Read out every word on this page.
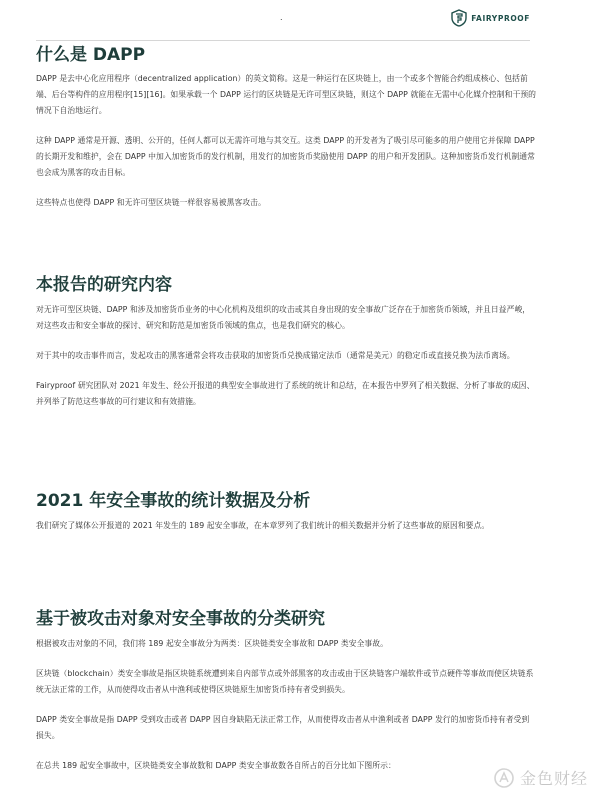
.	FAIRYPROOF
什么是 DAPP

DAPP 是去中心化应用程序（decentralized application）的英文简称。这是一种运行在区块链上，由一个或多个智能合约组成核心、包括前端、后台等构件的应用程序[15][16]。如果承载一个 DAPP 运行的区块链是无许可型区块链，则这个 DAPP 就能在无需中心化媒介控制和干预的情况下自治地运行。

这种 DAPP 通常是开源、透明、公开的，任何人都可以无需许可地与其交互。这类 DAPP 的开发者为了吸引尽可能多的用户使用它并保障 DAPP 的长期开发和维护，会在 DAPP 中加入加密货币的发行机制，用发行的加密货币奖励使用 DAPP 的用户和开发团队。这种加密货币发行机制通常也会成为黑客的攻击目标。

这些特点也使得 DAPP 和无许可型区块链一样很容易被黑客攻击。

本报告的研究内容

对无许可型区块链、DAPP 和涉及加密货币业务的中心化机构及组织的攻击或其自身出现的安全事故广泛存在于加密货币领域，并且日益严峻，对这些攻击和安全事故的探讨、研究和防范是加密货币领域的焦点，也是我们研究的核心。

对于其中的攻击事件而言，发起攻击的黑客通常会将攻击获取的加密货币兑换成锚定法币（通常是美元）的稳定币或直接兑换为法币离场。

Fairyproof 研究团队对 2021 年发生、经公开报道的典型安全事故进行了系统的统计和总结，在本报告中罗列了相关数据、分析了事故的成因、并列举了防范这些事故的可行建议和有效措施。

2021 年安全事故的统计数据及分析

我们研究了媒体公开报道的 2021 年发生的 189 起安全事故，在本章罗列了我们统计的相关数据并分析了这些事故的原因和要点。

基于被攻击对象对安全事故的分类研究

根据被攻击对象的不同，我们将 189 起安全事故分为两类：区块链类安全事故和 DAPP 类安全事故。

区块链（blockchain）类安全事故是指区块链系统遭到来自内部节点或外部黑客的攻击或由于区块链客户端软件或节点硬件等事故而使区块链系统无法正常的工作，从而使得攻击者从中渔利或使得区块链原生加密货币持有者受到损失。

DAPP 类安全事故是指 DAPP 受到攻击或者 DAPP 因自身缺陷无法正常工作，从而使得攻击者从中渔利或者 DAPP 发行的加密货币持有者受到损失。

在总共 189 起安全事故中，区块链类安全事故数和 DAPP 类安全事故数各自所占的百分比如下图所示：

金色财经
